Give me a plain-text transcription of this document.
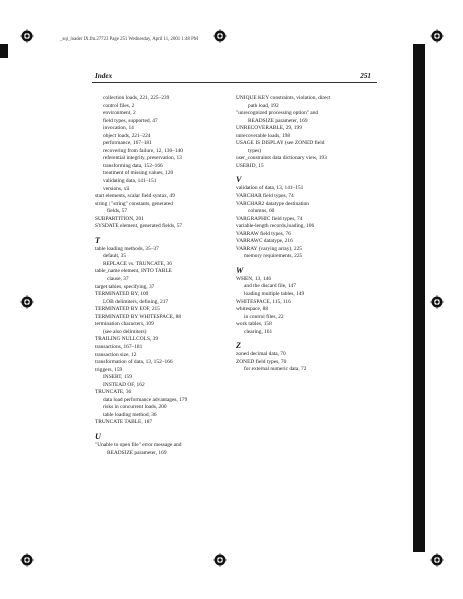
_sql_loader IX.fm.27723 Page 251 Wednesday, April 11, 2001 1:48 PM
Index	251
collection loads, 221, 225–239
control files, 2
environment, 2
field types, supported, 47
invocation, 14
object loads, 221–224
performance, 167–181
recovering from failure, 12, 130–140
referential integrity, preservation, 13
transforming data, 152–166
treatment of missing values, 120
validating data, 141–151
versions, xii
start elements, scalar field syntax, 49
string | "string" constants, generated
fields, 57
SUBPARTITION, 201
SYSDATE element, generated fields, 57
T
table loading methods, 35–37
default, 35
REPLACE vs. TRUNCATE, 36
table_name element, INTO TABLE
clause, 37
target tables, specifying, 37
TERMINATED BY, 109
LOB delimiters, defining, 217
TERMINATED BY EOF, 215
TERMINATED BY WHITESPACE, 88
termination characters, 109
(see also delimiters)
TRAILING NULLCOLS, 39
transactions, 167–181
transaction size, 12
transformation of data, 13, 152–166
triggers, 159
INSERT, 159
INSTEAD OF, 162
TRUNCATE, 36
data load performance advantages, 179
risks in concurrent loads, 200
table loading method, 36
TRUNCATE TABLE, 187
U
"Unable to open file" error message and
READSIZE parameter, 169
UNIQUE KEY constraints, violation, direct
path load, 192
"unrecognized processing option" and
READSIZE parameter, 169
UNRECOVERABLE, 29, 199
unrecoverable loads, 198
USAGE IS DISPLAY (see ZONED field
types)
user_constraints data dictionary view, 193
USERID, 15
V
validation of data, 13, 141–151
VARCHAR field types, 74
VARCHAR2 datatype destination
columns, 60
VARGRAPHIC field types, 74
variable-length records,loading, 106
VARRAW field types, 76
VARRAWC datatype, 216
VARRAY (varying array), 225
memory requirements, 225
W
WHEN, 13, 146
and the discard file, 147
loading multiple tables, 149
WHITESPACE, 115, 116
whitespace, 88
in control files, 22
work tables, 158
clearing, 161
Z
zoned decimal data, 70
ZONED field types, 70
for external numeric data, 72
